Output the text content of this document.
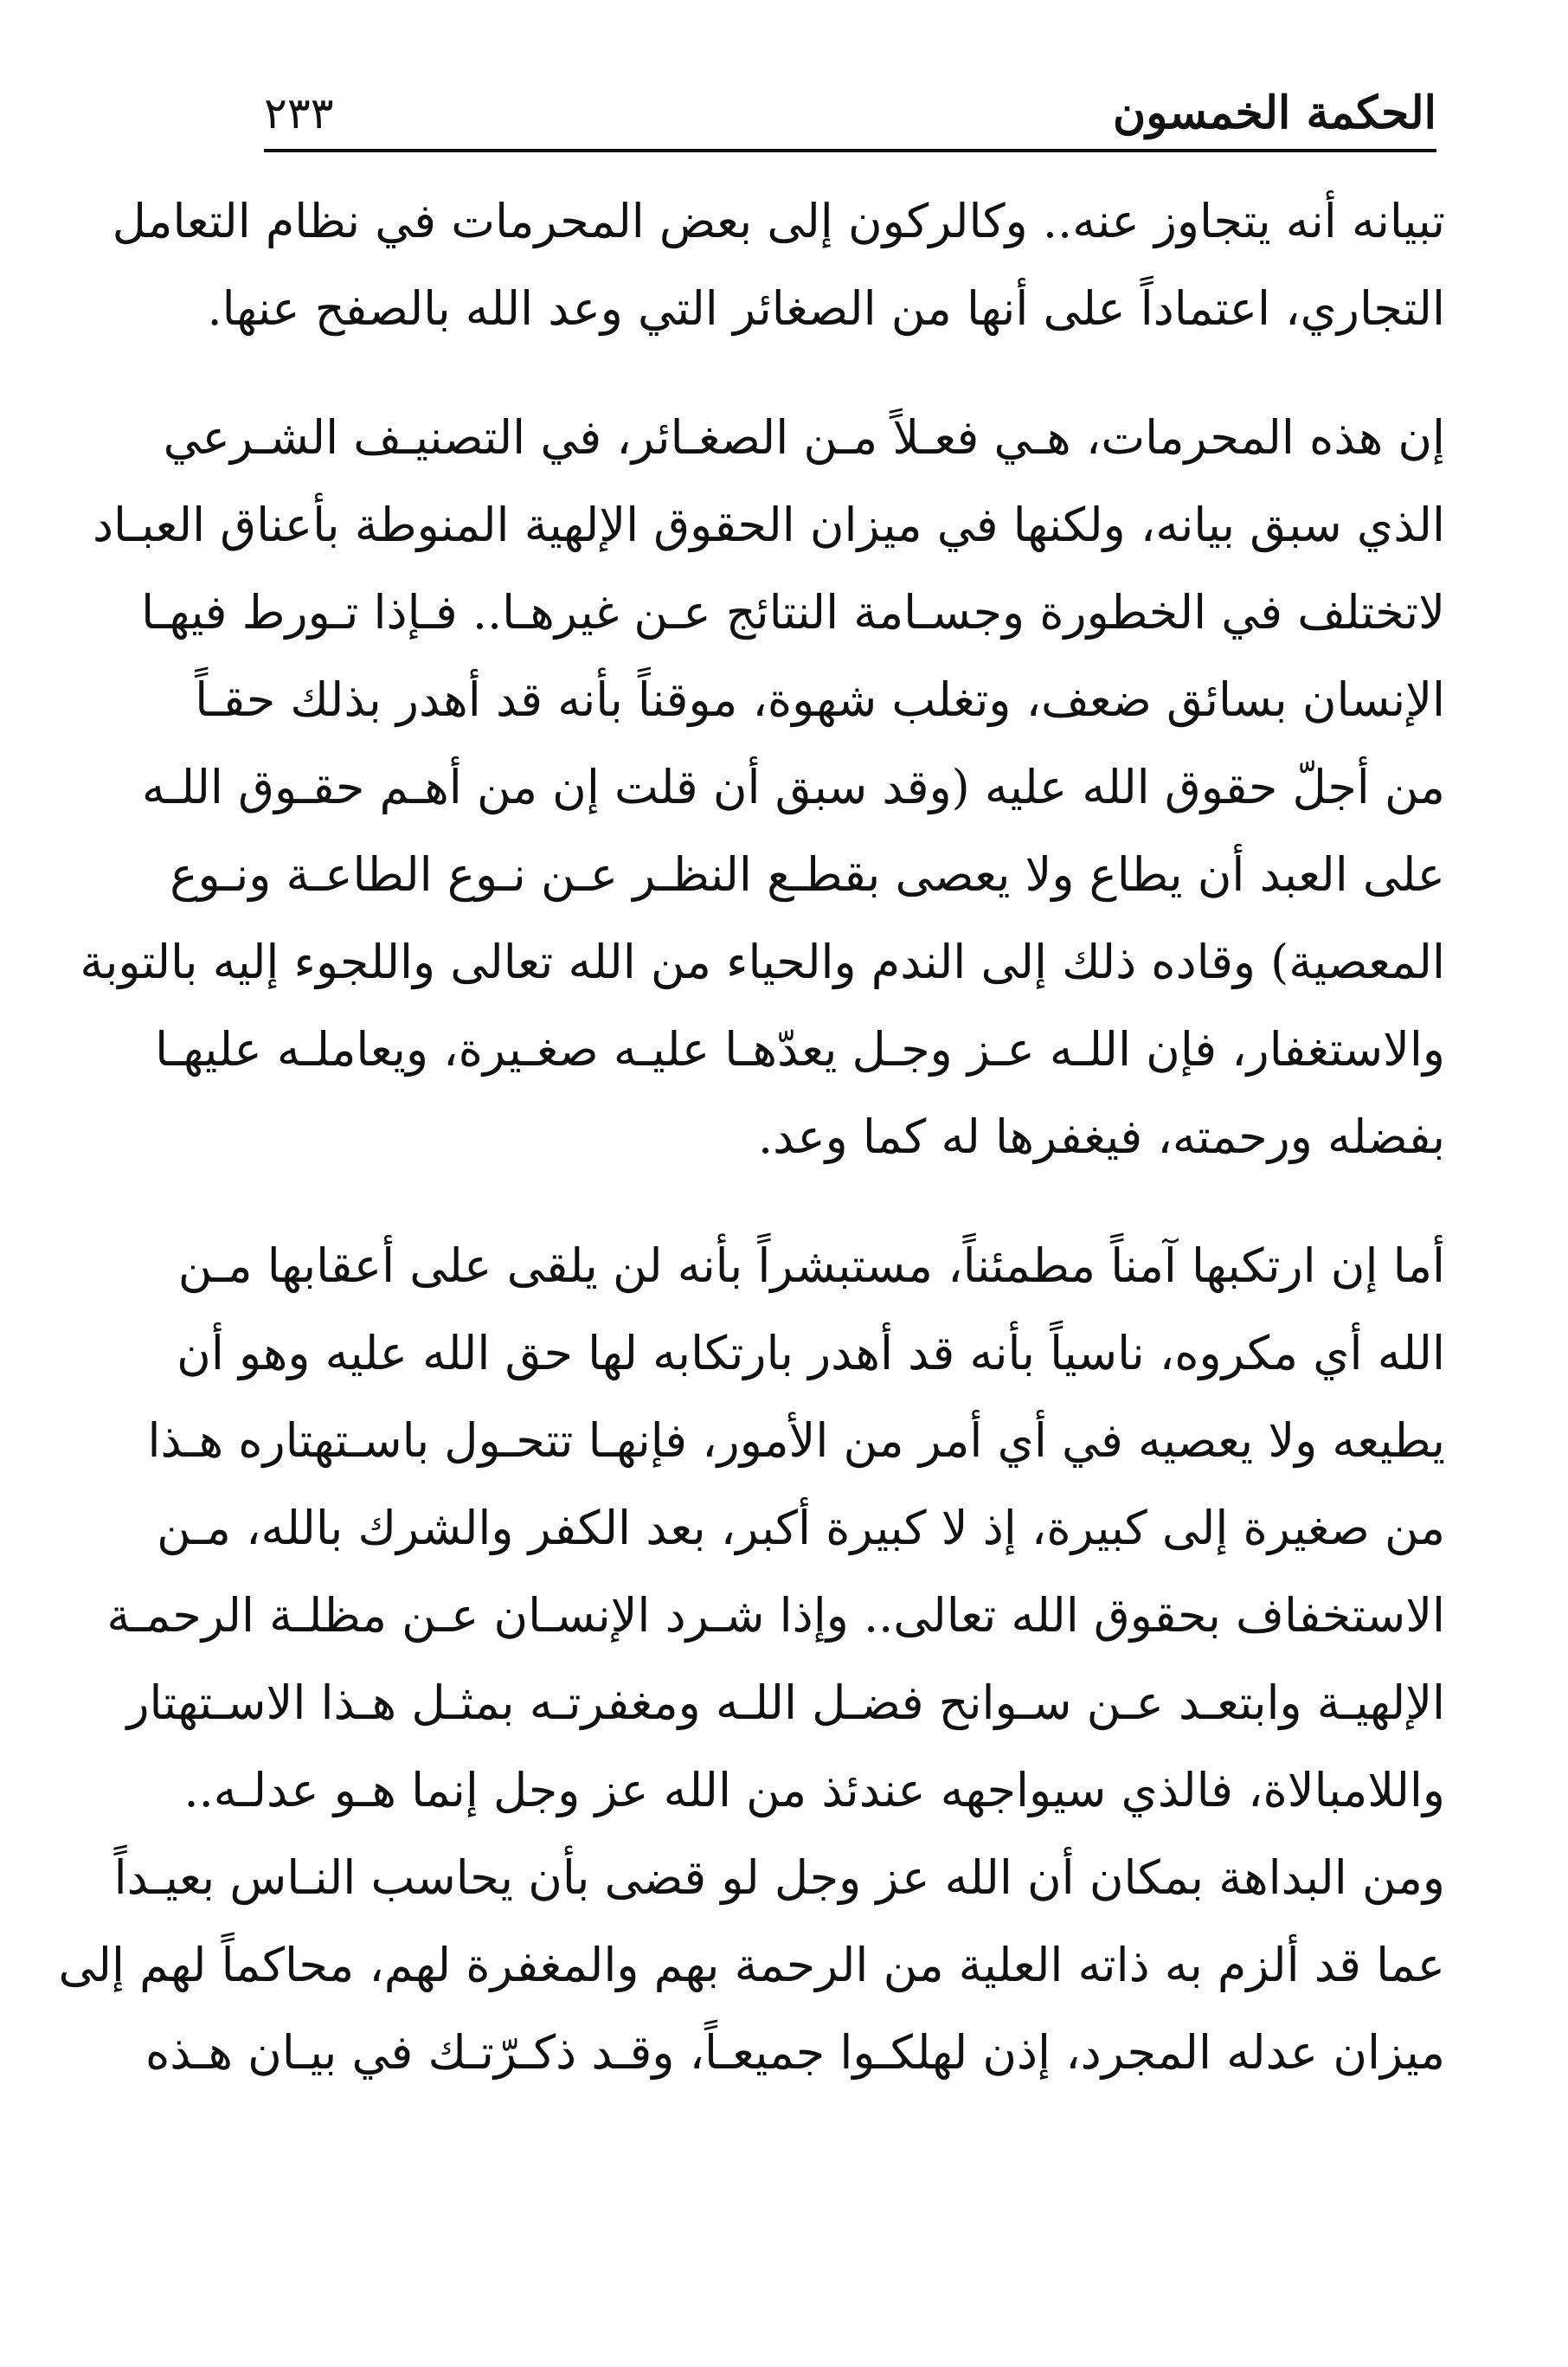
الحكمة الخمسون
٢٣٣
تبيانه أنه يتجاوز عنه.. وكالركون إلى بعض المحرمات في نظام التعامل
التجاري، اعتماداً على أنها من الصغائر التي وعد الله بالصفح عنها.
إن هذه المحرمات، هـي فعـلاً مـن الصغـائر، في التصنيـف الشـرعي
الذي سبق بيانه، ولكنها في ميزان الحقوق الإلهية المنوطة بأعناق العبـاد
لاتختلف في الخطورة وجسـامة النتائج عـن غيرهـا.. فـإذا تـورط فيهـا
الإنسان بسائق ضعف، وتغلب شهوة، موقناً بأنه قد أهدر بذلك حقـاً
من أجلّ حقوق الله عليه (وقد سبق أن قلت إن من أهـم حقـوق اللـه
على العبد أن يطاع ولا يعصى بقطـع النظـر عـن نـوع الطاعـة ونـوع
المعصية) وقاده ذلك إلى الندم والحياء من الله تعالى واللجوء إليه بالتوبة
والاستغفار، فإن اللـه عـز وجـل يعدّهـا عليـه صغـيرة، ويعاملـه عليهـا
بفضله ورحمته، فيغفرها له كما وعد.
أما إن ارتكبها آمناً مطمئناً، مستبشراً بأنه لن يلقى على أعقابها مـن
الله أي مكروه، ناسياً بأنه قد أهدر بارتكابه لها حق الله عليه وهو أن
يطيعه ولا يعصيه في أي أمر من الأمور، فإنهـا تتحـول باسـتهتاره هـذا
من صغيرة إلى كبيرة، إذ لا كبيرة أكبر، بعد الكفر والشرك بالله، مـن
الاستخفاف بحقوق الله تعالى.. وإذا شـرد الإنسـان عـن مظلـة الرحمـة
الإلهيـة وابتعـد عـن سـوانح فضـل اللـه ومغفرتـه بمثـل هـذا الاسـتهتار
واللامبالاة، فالذي سيواجهه عندئذ من الله عز وجل إنما هـو عدلـه..
ومن البداهة بمكان أن الله عز وجل لو قضى بأن يحاسب النـاس بعيـداً
عما قد ألزم به ذاته العلية من الرحمة بهم والمغفرة لهم، محاكماً لهم إلى
ميزان عدله المجرد، إذن لهلكـوا جميعـاً، وقـد ذكـرّتـك في بيـان هـذه
